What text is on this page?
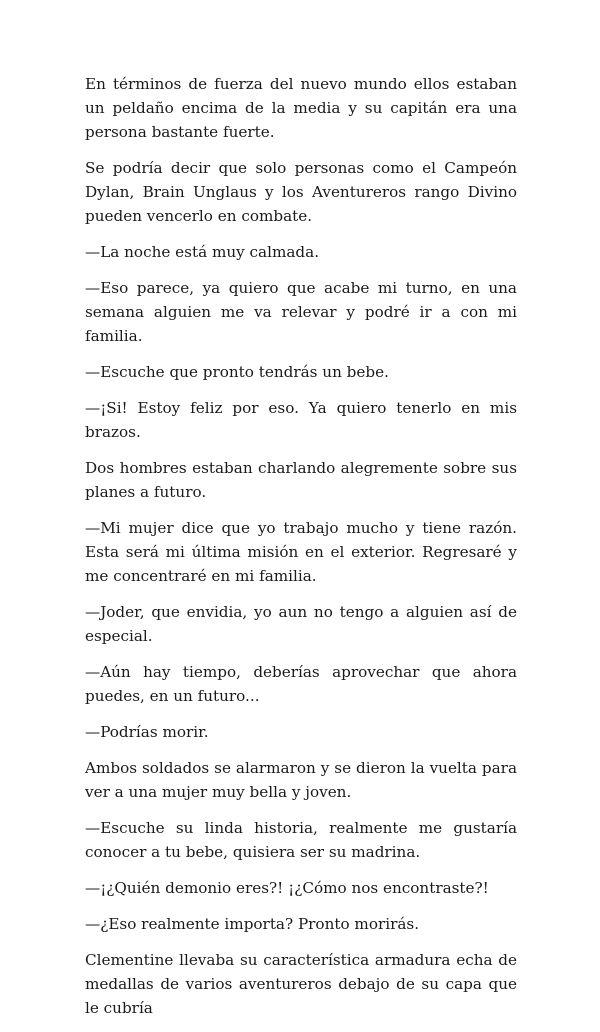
En términos de fuerza del nuevo mundo ellos estaban un peldaño encima de la media y su capitán era una persona bastante fuerte.

Se podría decir que solo personas como el Campeón Dylan, Brain Unglaus y los Aventureros rango Divino pueden vencerlo en combate.

—La noche está muy calmada.

—Eso parece, ya quiero que acabe mi turno, en una semana alguien me va relevar y podré ir a con mi familia.

—Escuche que pronto tendrás un bebe.

—¡Si! Estoy feliz por eso. Ya quiero tenerlo en mis brazos.

Dos hombres estaban charlando alegremente sobre sus planes a futuro.

—Mi mujer dice que yo trabajo mucho y tiene razón. Esta será mi última misión en el exterior. Regresaré y me concentraré en mi familia.

—Joder, que envidia, yo aun no tengo a alguien así de especial.

—Aún hay tiempo, deberías aprovechar que ahora puedes, en un futuro...

—Podrías morir.

Ambos soldados se alarmaron y se dieron la vuelta para ver a una mujer muy bella y joven.

—Escuche su linda historia, realmente me gustaría conocer a tu bebe, quisiera ser su madrina.

—¡¿Quién demonio eres?! ¡¿Cómo nos encontraste?!

—¿Eso realmente importa? Pronto morirás.

Clementine llevaba su característica armadura echa de medallas de varios aventureros debajo de su capa que le cubría
